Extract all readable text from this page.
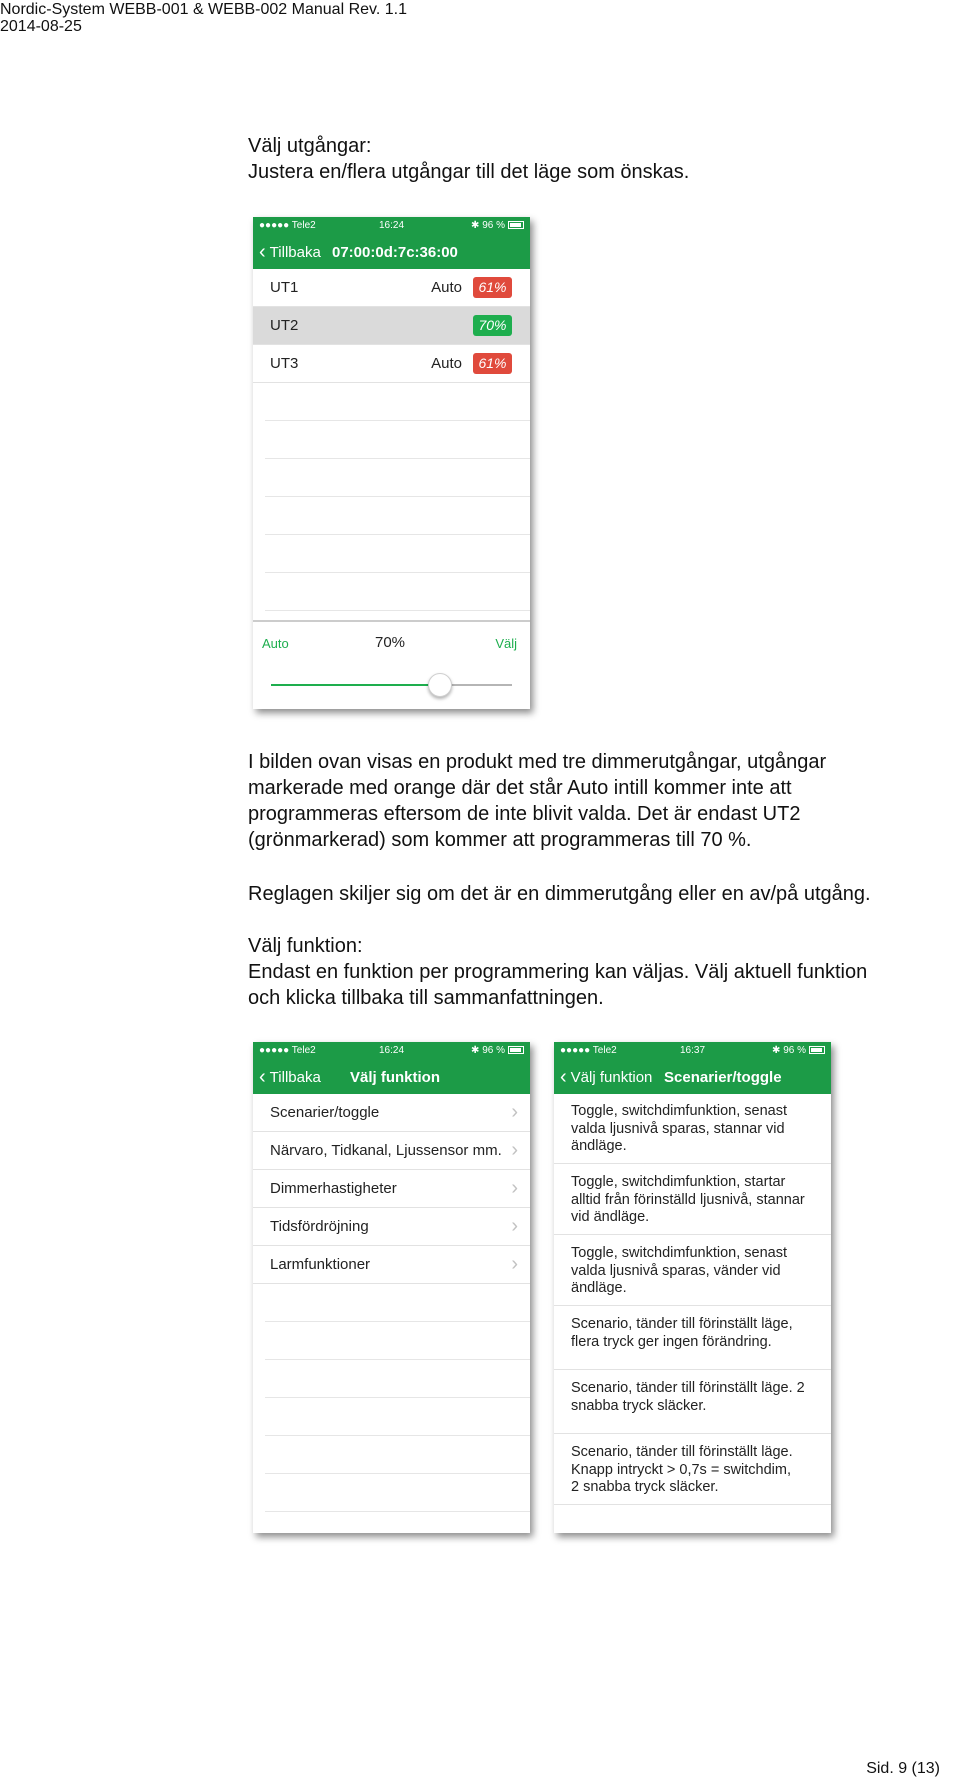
Nordic-System WEBB-001 & WEBB-002 Manual Rev. 1.1
2014-08-25
Välj utgångar:
Justera en/flera utgångar till det läge som önskas.
●●●●● Tele2	16:24	✱ 96 %
‹ Tillbaka 07:00:0d:7c:36:00
UT1	Auto	61%
UT2	70%
UT3	Auto	61%
Auto	70%	Välj
I bilden ovan visas en produkt med tre dimmerutgångar, utgångar
markerade med orange där det står Auto intill kommer inte att
programmeras eftersom de inte blivit valda. Det är endast UT2
(grönmarkerad) som kommer att programmeras till 70 %.
Reglagen skiljer sig om det är en dimmerutgång eller en av/på utgång.
Välj funktion:
Endast en funktion per programmering kan väljas. Välj aktuell funktion
och klicka tillbaka till sammanfattningen.
●●●●● Tele2	16:24	✱ 96 %
‹ Tillbaka Välj funktion
Scenarier/toggle	›
Närvaro, Tidkanal, Ljussensor mm. ›
Dimmerhastigheter	›
Tidsfördröjning	›
Larmfunktioner	›
●●●●● Tele2	16:37	✱ 96 %
‹ Välj funktion Scenarier/toggle
Toggle, switchdimfunktion, senast
valda ljusnivå sparas, stannar vid
ändläge.
Toggle, switchdimfunktion, startar
alltid från förinställd ljusnivå, stannar
vid ändläge.
Toggle, switchdimfunktion, senast
valda ljusnivå sparas, vänder vid
ändläge.
Scenario, tänder till förinställt läge,
flera tryck ger ingen förändring.
Scenario, tänder till förinställt läge. 2
snabba tryck släcker.
Scenario, tänder till förinställt läge.
Knapp intryckt > 0,7s = switchdim,
2 snabba tryck släcker.
Sid. 9 (13)
